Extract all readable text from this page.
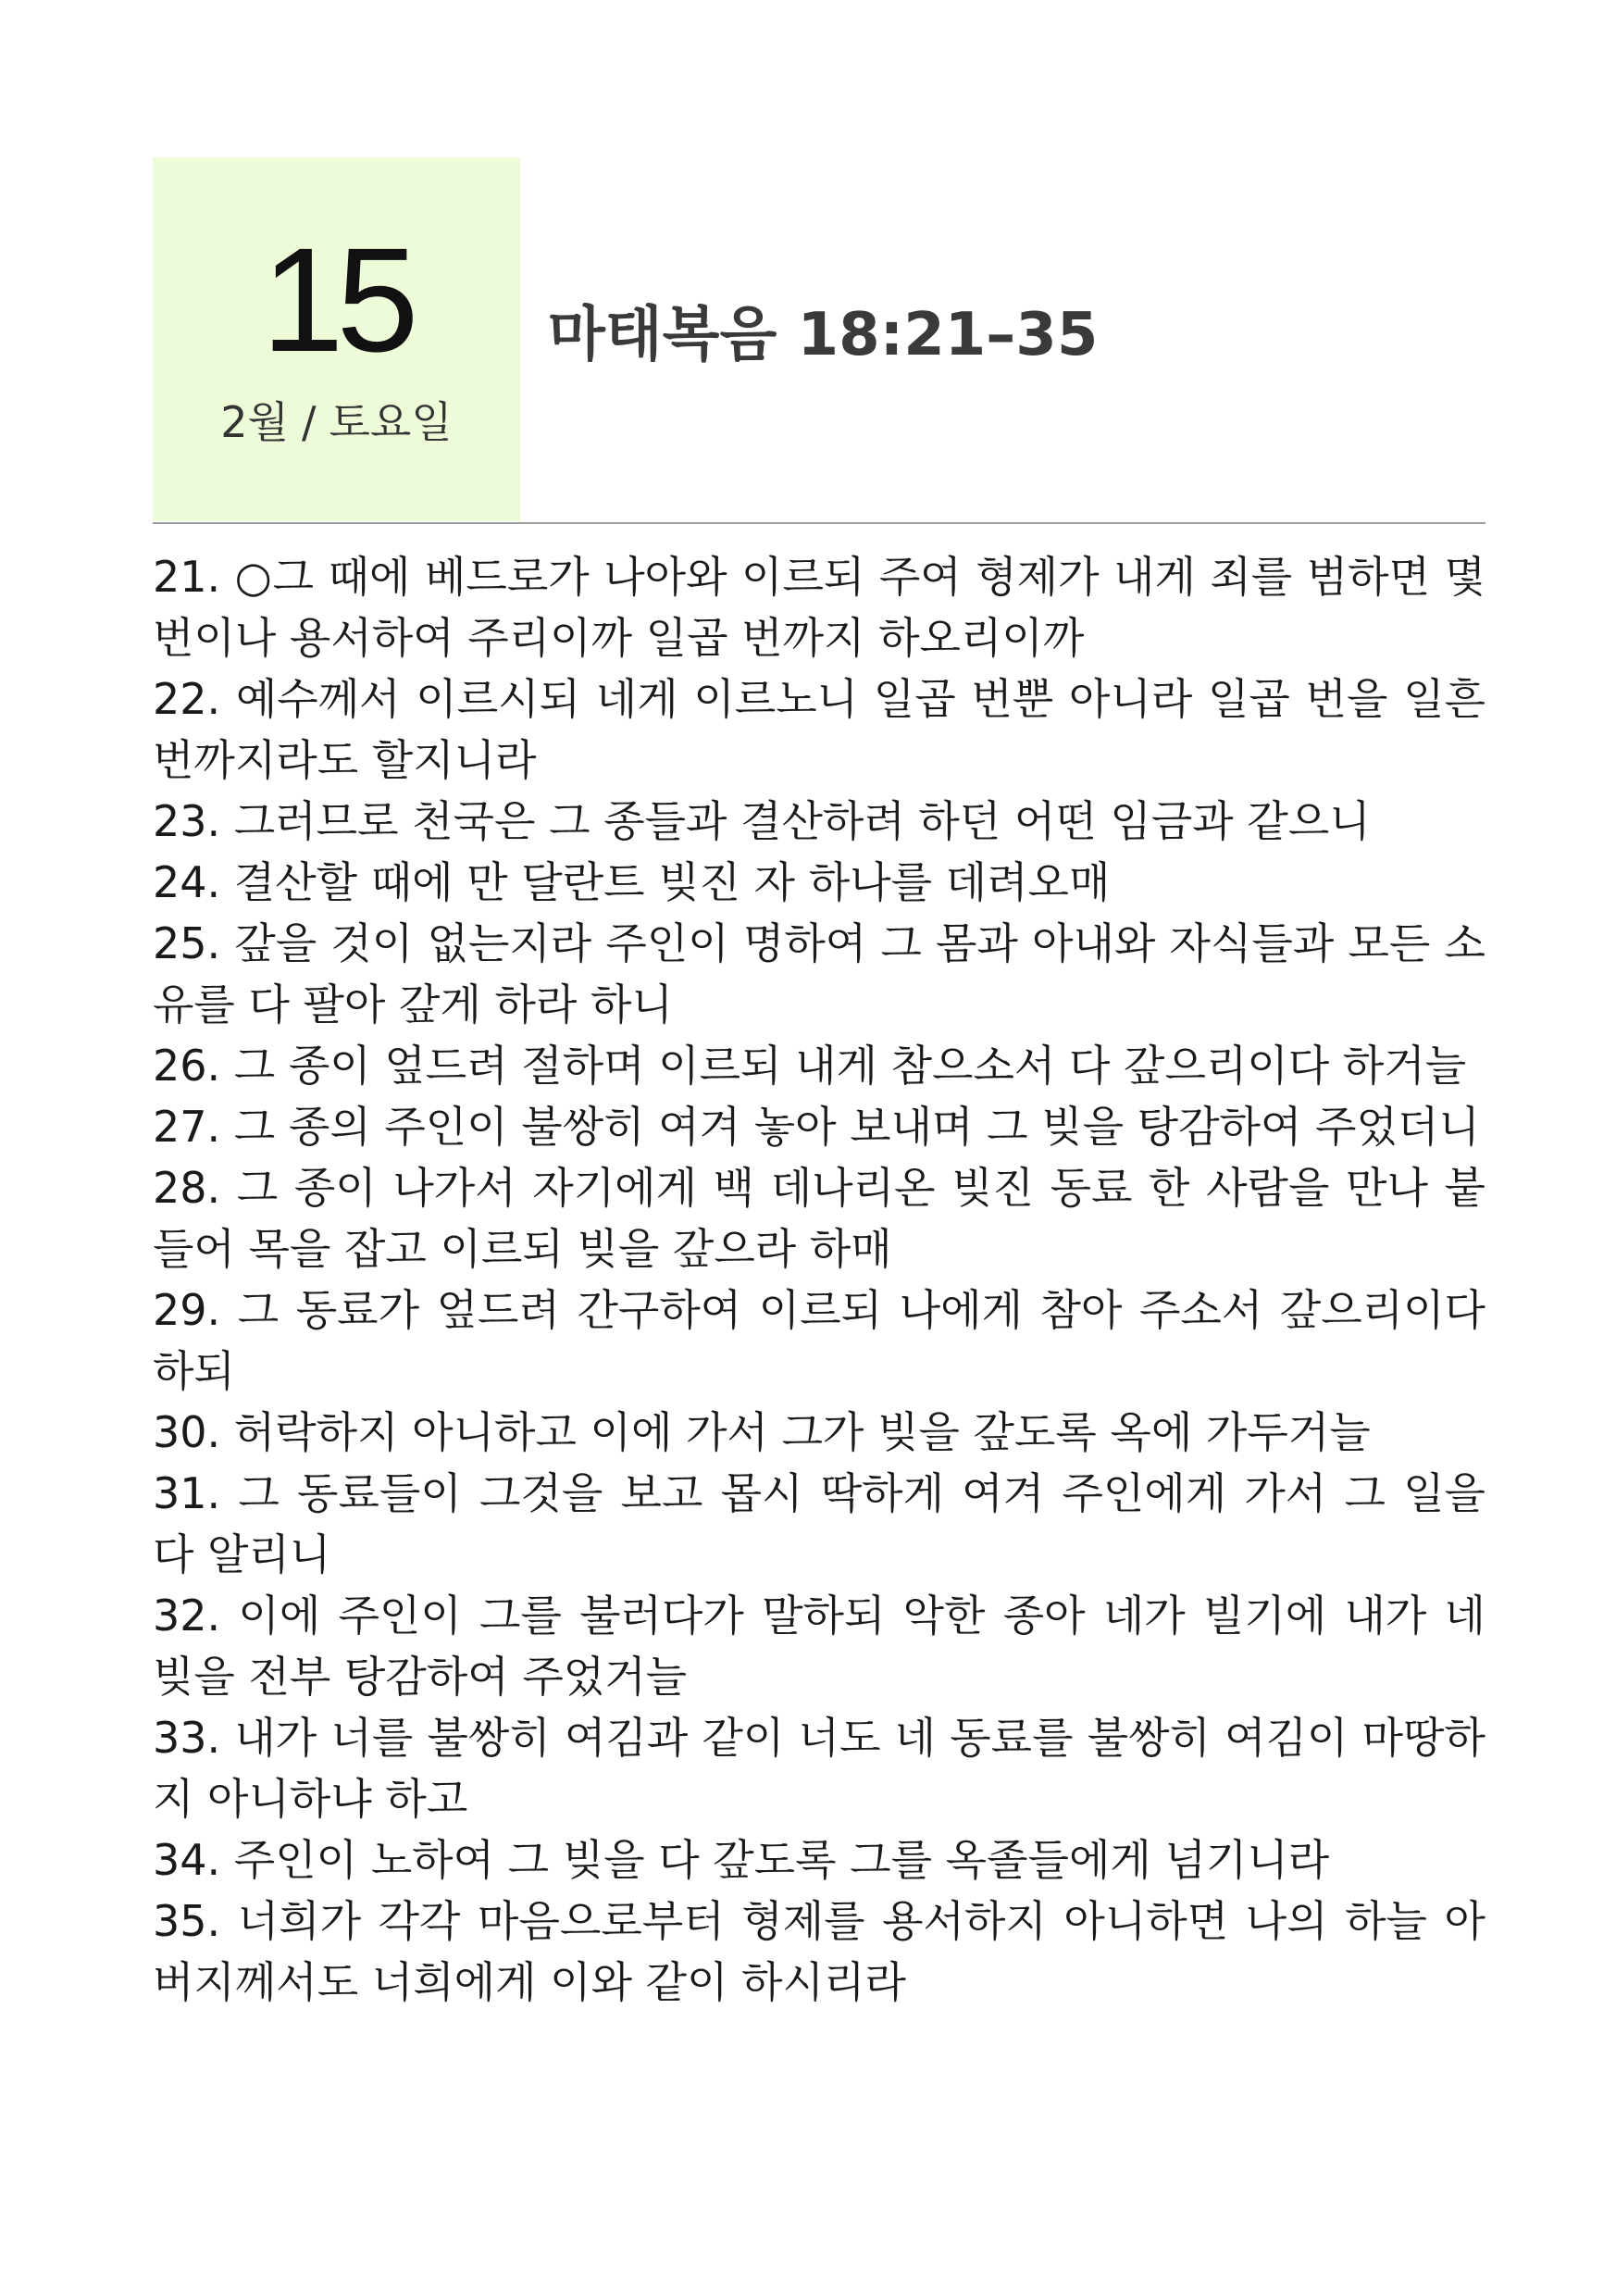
15
2월 / 토요일
마태복음 18:21–35
21. ○그 때에 베드로가 나아와 이르되 주여 형제가 내게 죄를 범하면 몇 번이나 용서하여 주리이까 일곱 번까지 하오리이까
22. 예수께서 이르시되 네게 이르노니 일곱 번뿐 아니라 일곱 번을 일흔 번까지라도 할지니라
23. 그러므로 천국은 그 종들과 결산하려 하던 어떤 임금과 같으니
24. 결산할 때에 만 달란트 빚진 자 하나를 데려오매
25. 갚을 것이 없는지라 주인이 명하여 그 몸과 아내와 자식들과 모든 소유를 다 팔아 갚게 하라 하니
26. 그 종이 엎드려 절하며 이르되 내게 참으소서 다 갚으리이다 하거늘
27. 그 종의 주인이 불쌍히 여겨 놓아 보내며 그 빚을 탕감하여 주었더니
28. 그 종이 나가서 자기에게 백 데나리온 빚진 동료 한 사람을 만나 붙들어 목을 잡고 이르되 빚을 갚으라 하매
29. 그 동료가 엎드려 간구하여 이르되 나에게 참아 주소서 갚으리이다 하되
30. 허락하지 아니하고 이에 가서 그가 빚을 갚도록 옥에 가두거늘
31. 그 동료들이 그것을 보고 몹시 딱하게 여겨 주인에게 가서 그 일을 다 알리니
32. 이에 주인이 그를 불러다가 말하되 악한 종아 네가 빌기에 내가 네 빚을 전부 탕감하여 주었거늘
33. 내가 너를 불쌍히 여김과 같이 너도 네 동료를 불쌍히 여김이 마땅하지 아니하냐 하고
34. 주인이 노하여 그 빚을 다 갚도록 그를 옥졸들에게 넘기니라
35. 너희가 각각 마음으로부터 형제를 용서하지 아니하면 나의 하늘 아버지께서도 너희에게 이와 같이 하시리라
